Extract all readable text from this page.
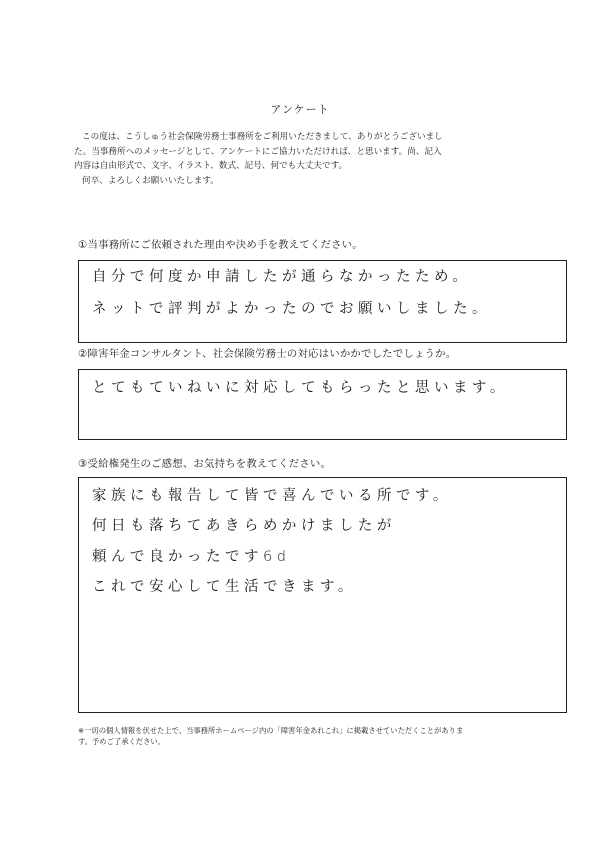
アンケート

この度は、こうしゅう社会保険労務士事務所をご利用いただきまして、ありがとうございまし

た。当事務所へのメッセージとして、アンケートにご協力いただければ、と思います。尚、記入

内容は自由形式で、文字、イラスト、数式、記号、何でも大丈夫です。

何卒、よろしくお願いいたします。

①当事務所にご依頼された理由や決め手を教えてください。
自分で何度か申請したが通らなかったため。
ネットで評判がよかったのでお願いしました。
②障害年金コンサルタント、社会保険労務士の対応はいかかでしたでしょうか。
とてもていねいに対応してもらったと思います。
③受給権発生のご感想、お気持ちを教えてください。
家族にも報告して皆で喜んでいる所です。
何日も落ちてあきらめかけましたが
頼んで良かったです6d
これで安心して生活できます。

※一切の個人情報を伏せた上で、当事務所ホームページ内の「障害年金あれこれ」に掲載させていただくことがありま

す。予めご了承ください。
